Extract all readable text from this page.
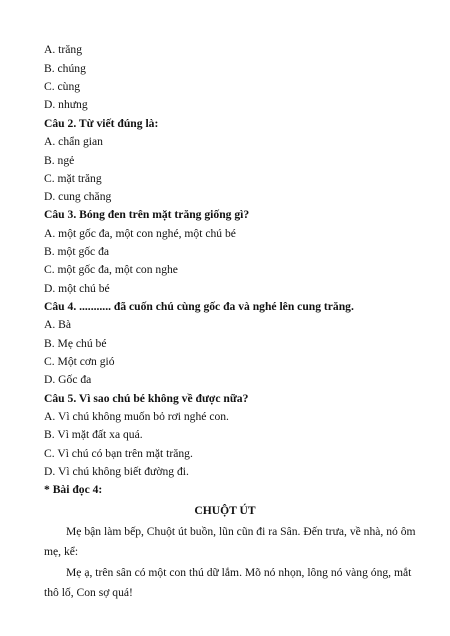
A. trăng
B. chúng
C. cùng
D. nhưng
Câu 2. Từ viết đúng là:
A. chẩn gian
B. ngẻ
C. mặt trăng
D. cung chăng
Câu 3. Bóng đen trên mặt trăng giống gì?
A. một gốc đa, một con nghé, một chú bé
B. một gốc đa
C. một gốc đa, một con nghe
D. một chú bé
Câu 4. ........... đã cuốn chú cùng gốc đa và nghé lên cung trăng.
A. Bà
B. Mẹ chú bé
C. Một cơn gió
D. Gốc đa
Câu 5. Vì sao chú bé không về được nữa?
A. Vì chú không muốn bỏ rơi nghé con.
B. Vì mặt đất xa quá.
C. Vì chú có bạn trên mặt trăng.
D. Vì chú không biết đường đi.
* Bài đọc 4:
CHUỘT ÚT
Mẹ bận làm bếp, Chuột út buồn, lũn cũn đi ra Sân. Đến trưa, về nhà, nó ôm
mẹ, kể:
Mẹ ạ, trên sân có một con thú dữ lắm. Mõ nó nhọn, lông nó vàng óng, mắt
thô lố, Con sợ quá!
